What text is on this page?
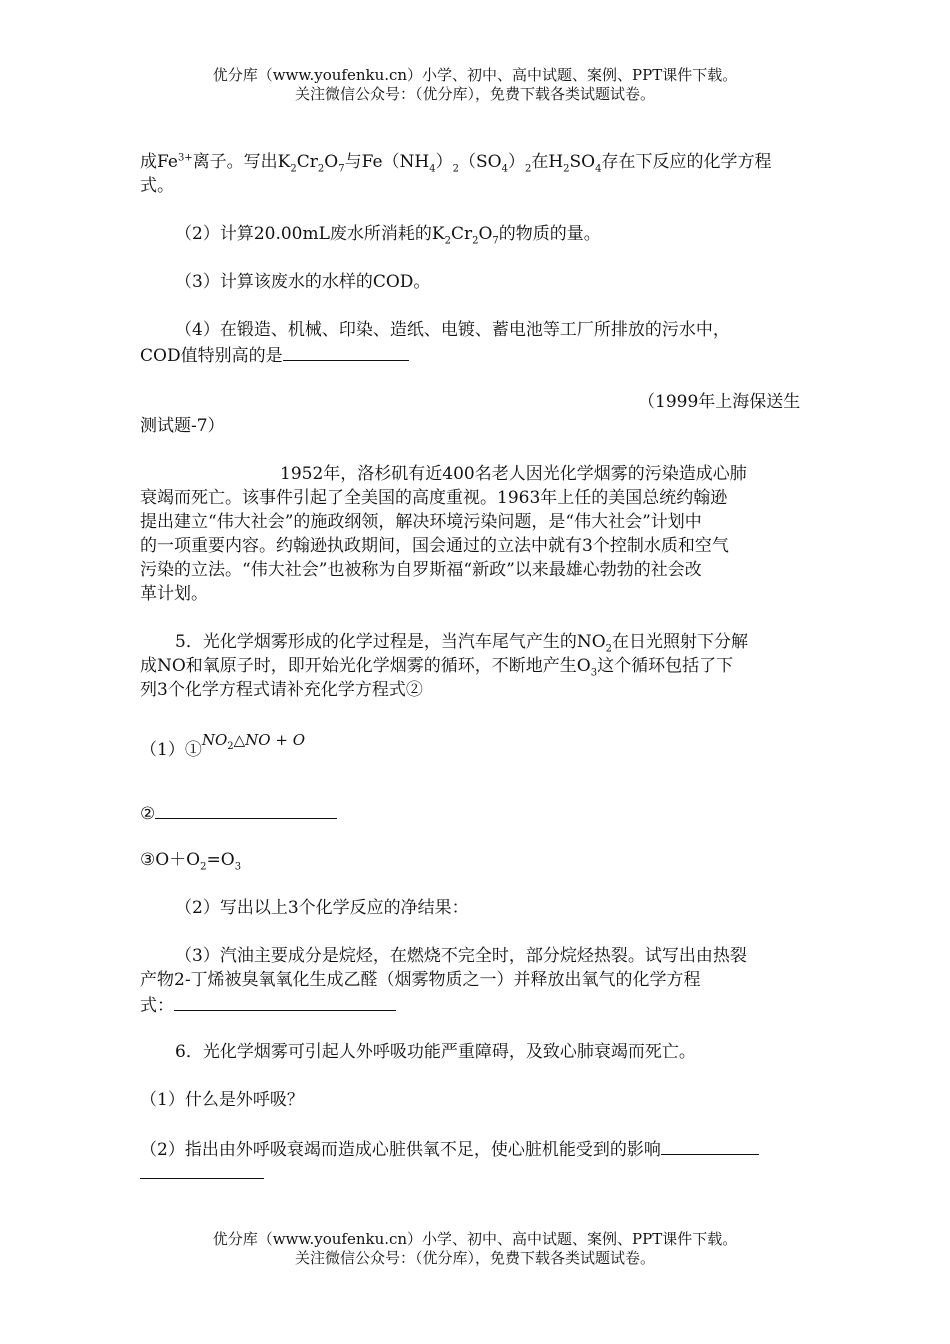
优分库（www.youfenku.cn）小学、初中、高中试题、案例、PPT课件下载。
关注微信公众号：（优分库），免费下载各类试题试卷。
成$Fe^{3+}$离子。写出$K_2Cr_2O_7$与$Fe(NH_4)_2(SO_4)_2$在$H_2SO_4$存在下反应的化学方程
式。
（2）计算20.00mL废水所消耗的$K_2Cr_2O_7$的物质的量。
（3）计算该废水的水样的COD。
（4）在锻造、机械、印染、造纸、电镀、蓄电池等工厂所排放的污水中，
COD值特别高的是
（1999年上海保送生
测试题-7）
1952年，洛杉矶有近400名老人因光化学烟雾的污染造成心肺
衰竭而死亡。该事件引起了全美国的高度重视。1963年上任的美国总统约翰逊
提出建立“伟大社会”的施政纲领，解决环境污染问题，是“伟大社会”计划中
的一项重要内容。约翰逊执政期间，国会通过的立法中就有3个控制水质和空气
污染的立法。“伟大社会”也被称为自罗斯福“新政”以来最雄心勃勃的社会改
革计划。
5．光化学烟雾形成的化学过程是，当汽车尾气产生的$NO_2$在日光照射下分解
成NO和氧原子时，即开始光化学烟雾的循环，不断地产生$O_3$这个循环包括了下
列3个化学方程式请补充化学方程式②
$(1)①NO_2\triangle NO + O$
②
$③O+O_2=O_3$
（2）写出以上3个化学反应的净结果：
（3）汽油主要成分是烷烃，在燃烧不完全时，部分烷烃热裂。试写出由热裂
产物2-丁烯被臭氧氧化生成乙醛（烟雾物质之一）并释放出氧气的化学方程
式：
6．光化学烟雾可引起人外呼吸功能严重障碍，及致心肺衰竭而死亡。
（1）什么是外呼吸？
（2）指出由外呼吸衰竭而造成心脏供氧不足，使心脏机能受到的影响
优分库（www.youfenku.cn）小学、初中、高中试题、案例、PPT课件下载。
关注微信公众号：（优分库），免费下载各类试题试卷。
